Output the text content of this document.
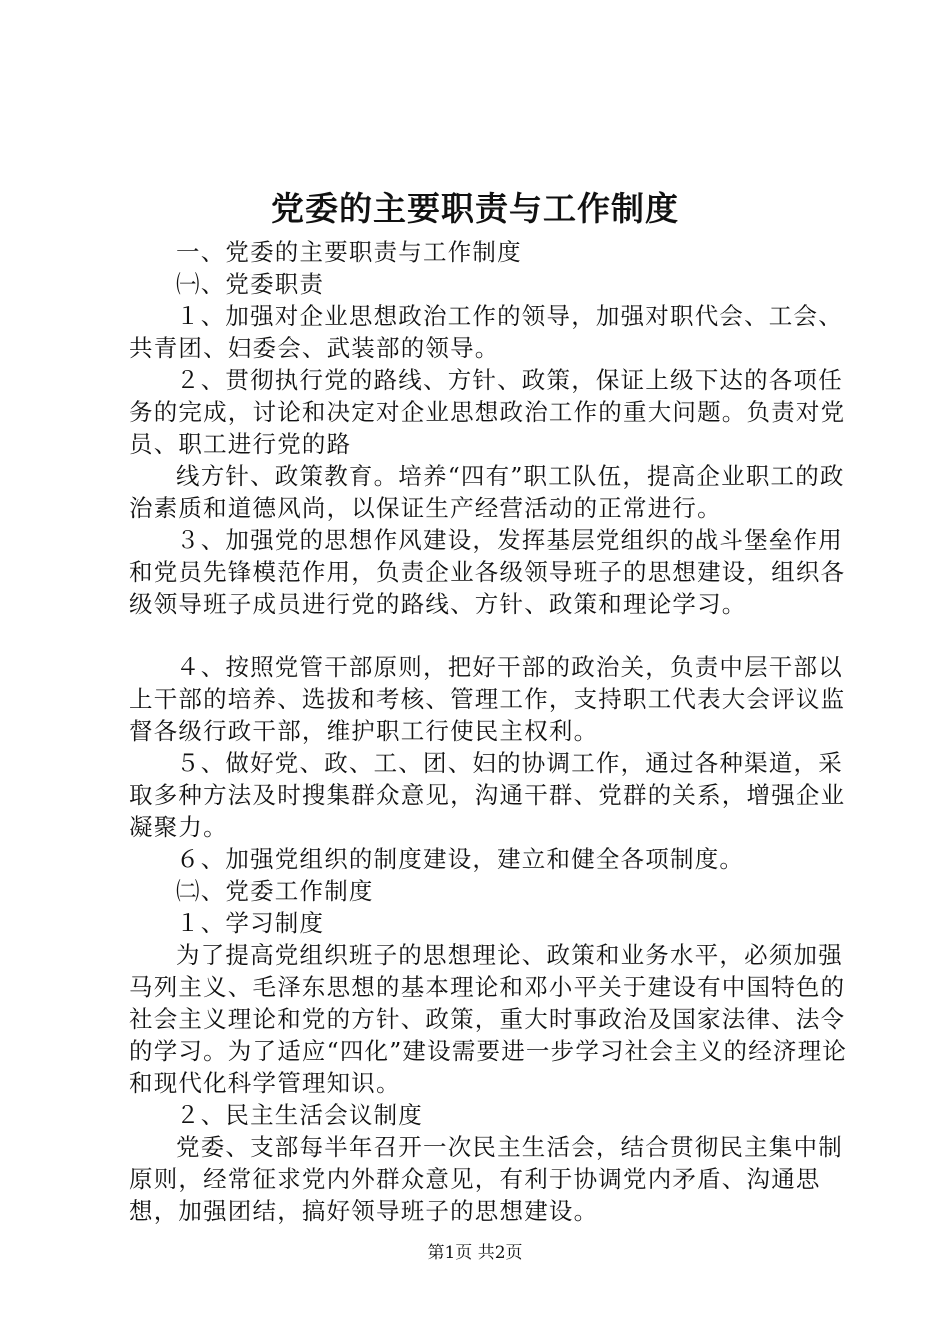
党委的主要职责与工作制度

一、党委的主要职责与工作制度

㈠、党委职责

１、加强对企业思想政治工作的领导，加强对职代会、工会、共青团、妇委会、武装部的领导。

２、贯彻执行党的路线、方针、政策，保证上级下达的各项任务的完成，讨论和决定对企业思想政治工作的重大问题。负责对党员、职工进行党的路

线方针、政策教育。培养“四有”职工队伍，提高企业职工的政治素质和道德风尚，以保证生产经营活动的正常进行。

３、加强党的思想作风建设，发挥基层党组织的战斗堡垒作用和党员先锋模范作用，负责企业各级领导班子的思想建设，组织各级领导班子成员进行党的路线、方针、政策和理论学习。

４、按照党管干部原则，把好干部的政治关，负责中层干部以上干部的培养、选拔和考核、管理工作，支持职工代表大会评议监督各级行政干部，维护职工行使民主权利。

５、做好党、政、工、团、妇的协调工作，通过各种渠道，采取多种方法及时搜集群众意见，沟通干群、党群的关系，增强企业凝聚力。

６、加强党组织的制度建设，建立和健全各项制度。

㈡、党委工作制度

１、学习制度

为了提高党组织班子的思想理论、政策和业务水平，必须加强马列主义、毛泽东思想的基本理论和邓小平关于建设有中国特色的社会主义理论和党的方针、政策，重大时事政治及国家法律、法令的学习。为了适应“四化”建设需要进一步学习社会主义的经济理论和现代化科学管理知识。

２、民主生活会议制度

党委、支部每半年召开一次民主生活会，结合贯彻民主集中制原则，经常征求党内外群众意见，有利于协调党内矛盾、沟通思想，加强团结，搞好领导班子的思想建设。

第1页 共2页
